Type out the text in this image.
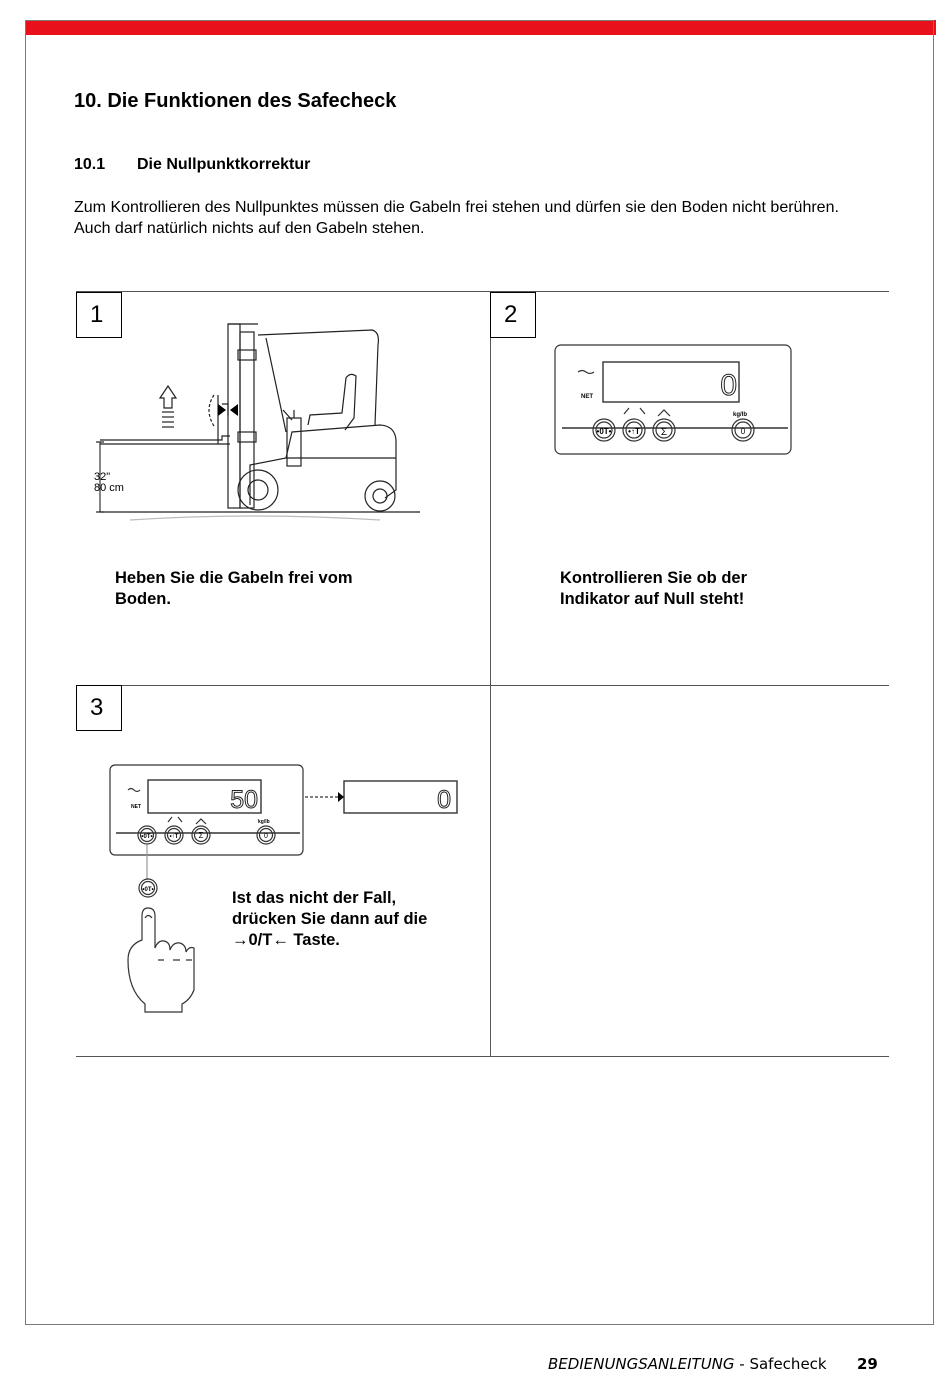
10. Die Funktionen des Safecheck
10.1 Die Nullpunktkorrektur
Zum Kontrollieren des Nullpunktes müssen die Gabeln frei stehen und dürfen sie den Boden nicht berühren. Auch darf natürlich nichts auf den Gabeln stehen.
1	2
3
32"
80 cm
Heben Sie die Gabeln frei vom
Boden.
NET
kg/lb
0
•0T• •↑T Σ	0
Kontrollieren Sie ob der
Indikator auf Null steht!
NET
kg/lb
50	0
•0T•	•↑T	Σ	0
•0T•	Ist das nicht der Fall,
drücken Sie dann auf die
→0/T← Taste.
BEDIENUNGSANLEITUNG - Safecheck 29
